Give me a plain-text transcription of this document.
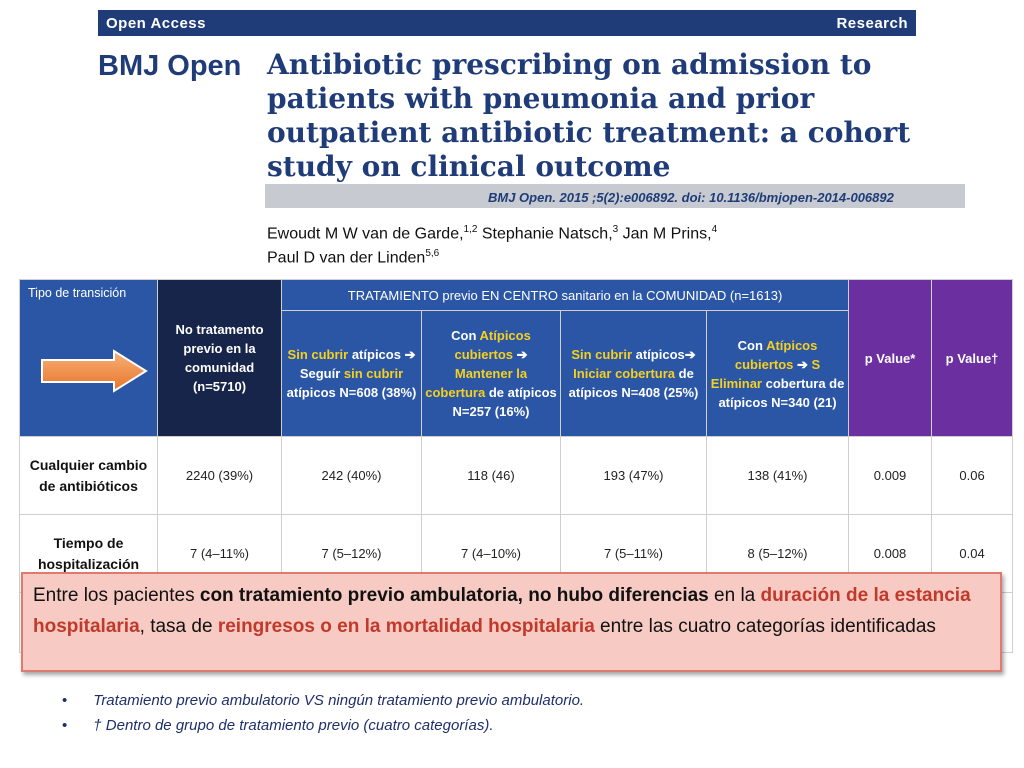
Open Access	Research
BMJ Open Antibiotic prescribing on admission to patients with pneumonia and prior outpatient antibiotic treatment: a cohort study on clinical outcome
BMJ Open. 2015 ;5(2):e006892. doi: 10.1136/bmjopen-2014-006892
Ewoudt M W van de Garde,$^{1,2}$ Stephanie Natsch,$^3$ Jan M Prins,$^4$
Paul D van der Linden$^{5,6}$
Tipo de transición	No tratamento previo en la comunidad (n=5710)	TRATAMIENTO previo EN CENTRO sanitario en la COMUNIDAD (n=1613)				p Value*	p Value†
		Sin cubrir atípicos ➔ Seguír sin cubrir atípicos N=608 (38%)	Con Atípicos cubiertos ➔ Mantener la cobertura de atípicos N=257 (16%)	Sin cubrir atípicos➔ Iniciar cobertura de atípicos N=408 (25%)	Con Atípicos cubiertos ➔ S Eliminar cobertura de atípicos N=340 (21)		
Cualquier cambio de antibióticos	2240 (39%)	242 (40%)	118 (46)	193 (47%)	138 (41%)	0.009	0.06
Tiempo de hospitalización	7 (4–11%)	7 (5–12%)	7 (4–10%)	7 (5–11%)	8 (5–12%)	0.008	0.04

Entre los pacientes con tratamiento previo ambulatoria, no hubo diferencias en la duración de la estancia hospitalaria, tasa de reingresos o en la mortalidad hospitalaria entre las cuatro categorías identificadas
• Tratamiento previo ambulatorio VS ningún tratamiento previo ambulatorio.
• † Dentro de grupo de tratamiento previo (cuatro categorías).
